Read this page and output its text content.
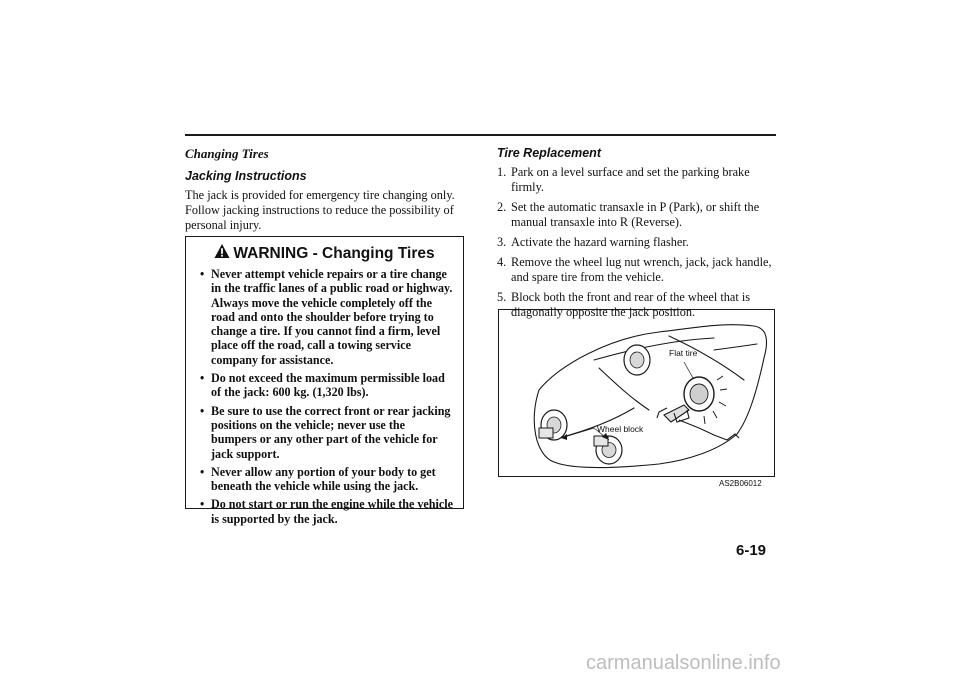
Changing Tires
Jacking Instructions

The jack is provided for emergency tire changing only. Follow jacking instructions to reduce the possibility of personal injury.

WARNING - Changing Tires
• Never attempt vehicle repairs or a tire change in the traffic lanes of a public road or highway. Always move the vehicle completely off the road and onto the shoulder before trying to change a tire. If you cannot find a firm, level place off the road, call a towing service company for assistance.
• Do not exceed the maximum permissible load of the jack: 600 kg. (1,320 lbs).
• Be sure to use the correct front or rear jacking positions on the vehicle; never use the bumpers or any other part of the vehicle for jack support.
• Never allow any portion of your body to get beneath the vehicle while using the jack.
• Do not start or run the engine while the vehicle is supported by the jack.
Tire Replacement
1. Park on a level surface and set the parking brake firmly.
2. Set the automatic transaxle in P (Park), or shift the manual transaxle into R (Reverse).
3. Activate the hazard warning flasher.
4. Remove the wheel lug nut wrench, jack, jack handle, and spare tire from the vehicle.
5. Block both the front and rear of the wheel that is diagonally opposite the jack position.
Flat tire
Wheel block
AS2B06012
6-19
carmanualsonline.info
